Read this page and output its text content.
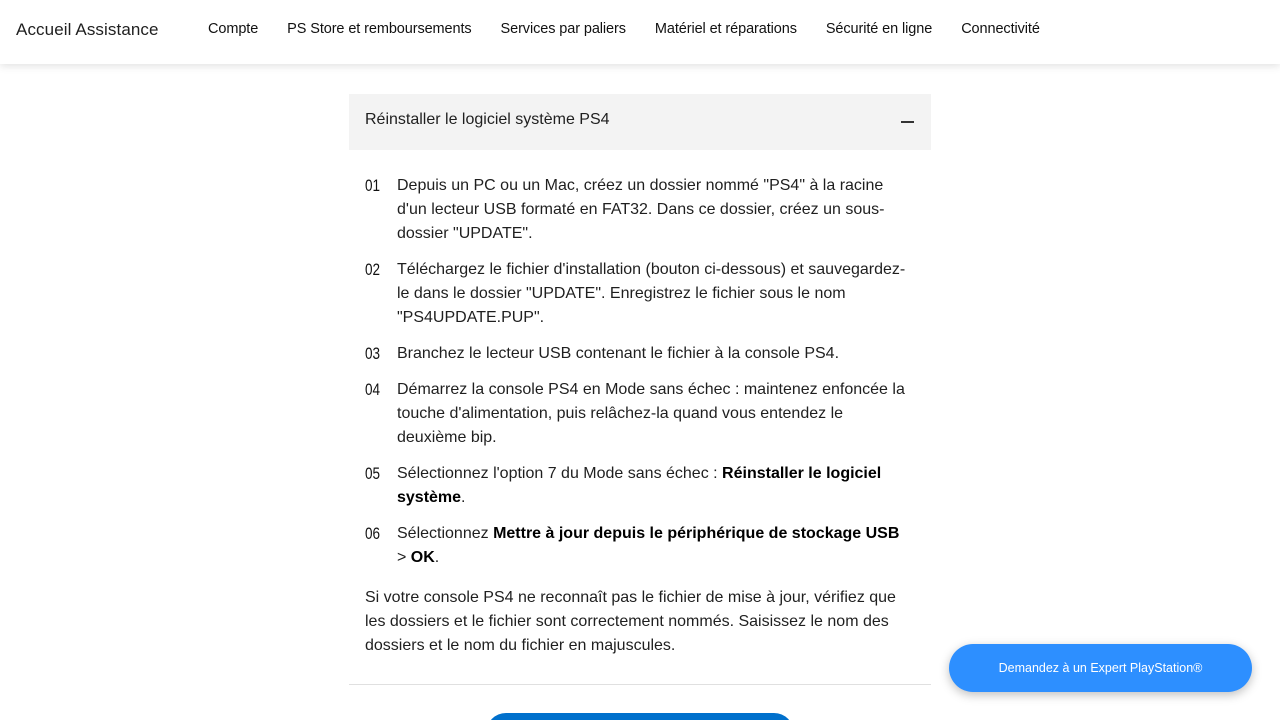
Accueil Assistance	Compte PS Store et remboursements Services par paliers Matériel et réparations Sécurité en ligne Connectivité
Réinstaller le logiciel système PS4
01	Depuis un PC ou un Mac, créez un dossier nommé "PS4" à la racine d'un lecteur USB formaté en FAT32. Dans ce dossier, créez un sous-dossier "UPDATE".
02	Téléchargez le fichier d'installation (bouton ci-dessous) et sauvegardez-le dans le dossier "UPDATE". Enregistrez le fichier sous le nom "PS4UPDATE.PUP".
03	Branchez le lecteur USB contenant le fichier à la console PS4.
04	Démarrez la console PS4 en Mode sans échec : maintenez enfoncée la touche d'alimentation, puis relâchez-la quand vous entendez le deuxième bip.
05	Sélectionnez l'option 7 du Mode sans échec : Réinstaller le logiciel système.
06	Sélectionnez Mettre à jour depuis le périphérique de stockage USB > OK.

Si votre console PS4 ne reconnaît pas le fichier de mise à jour, vérifiez que les dossiers et le fichier sont correctement nommés. Saisissez le nom des dossiers et le nom du fichier en majuscules.

Demandez à un Expert PlayStation®
